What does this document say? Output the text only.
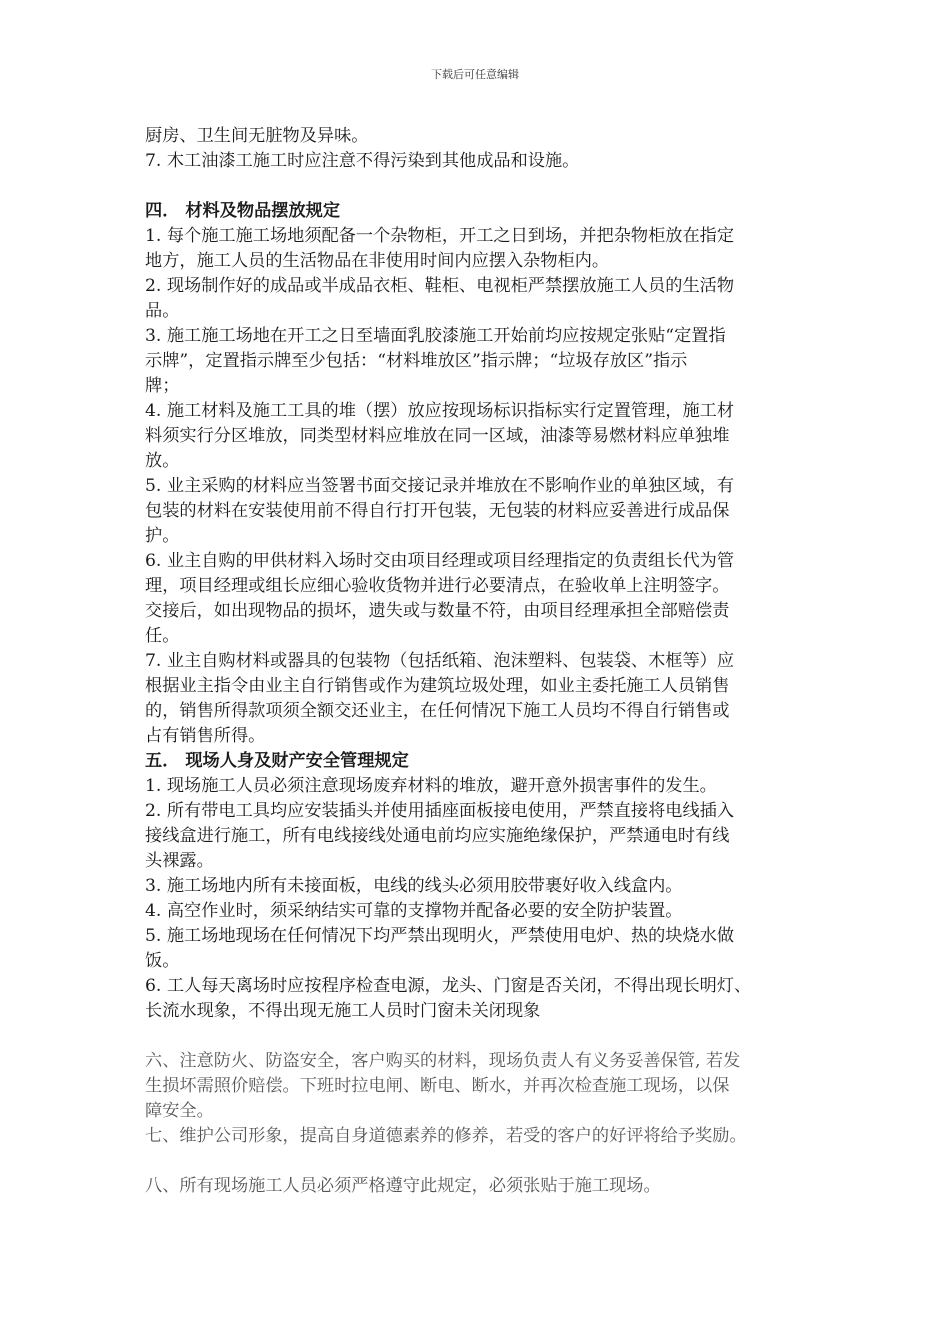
下载后可任意编辑
厨房、卫生间无脏物及异味。
7. 木工油漆工施工时应注意不得污染到其他成品和设施。
四． 材料及物品摆放规定
1. 每个施工施工场地须配备一个杂物柜，开工之日到场，并把杂物柜放在指定
地方，施工人员的生活物品在非使用时间内应摆入杂物柜内。
2. 现场制作好的成品或半成品衣柜、鞋柜、电视柜严禁摆放施工人员的生活物
品。
3. 施工施工场地在开工之日至墙面乳胶漆施工开始前均应按规定张贴“定置指
示牌”，定置指示牌至少包括：“材料堆放区”指示牌；“垃圾存放区”指示
牌；
4. 施工材料及施工工具的堆（摆）放应按现场标识指标实行定置管理，施工材
料须实行分区堆放，同类型材料应堆放在同一区域，油漆等易燃材料应单独堆
放。
5. 业主采购的材料应当签署书面交接记录并堆放在不影响作业的单独区域，有
包装的材料在安装使用前不得自行打开包装，无包装的材料应妥善进行成品保
护。
6. 业主自购的甲供材料入场时交由项目经理或项目经理指定的负责组长代为管
理，项目经理或组长应细心验收货物并进行必要清点，在验收单上注明签字。
交接后，如出现物品的损坏，遗失或与数量不符，由项目经理承担全部赔偿责
任。
7. 业主自购材料或器具的包装物（包括纸箱、泡沫塑料、包装袋、木框等）应
根据业主指令由业主自行销售或作为建筑垃圾处理，如业主委托施工人员销售
的，销售所得款项须全额交还业主，在任何情况下施工人员均不得自行销售或
占有销售所得。
五． 现场人身及财产安全管理规定
1. 现场施工人员必须注意现场废弃材料的堆放，避开意外损害事件的发生。
2. 所有带电工具均应安装插头并使用插座面板接电使用，严禁直接将电线插入
接线盒进行施工，所有电线接线处通电前均应实施绝缘保护，严禁通电时有线
头裸露。
3. 施工场地内所有未接面板，电线的线头必须用胶带裹好收入线盒内。
4. 高空作业时，须采纳结实可靠的支撑物并配备必要的安全防护装置。
5. 施工场地现场在任何情况下均严禁出现明火，严禁使用电炉、热的块烧水做
饭。
6. 工人每天离场时应按程序检查电源，龙头、门窗是否关闭，不得出现长明灯、
长流水现象，不得出现无施工人员时门窗未关闭现象
六、注意防火、防盗安全，客户购买的材料，现场负责人有义务妥善保管, 若发
生损坏需照价赔偿。下班时拉电闸、断电、断水，并再次检查施工现场，以保
障安全。
七、维护公司形象，提高自身道德素养的修养，若受的客户的好评将给予奖励。
八、所有现场施工人员必须严格遵守此规定，必须张贴于施工现场。
